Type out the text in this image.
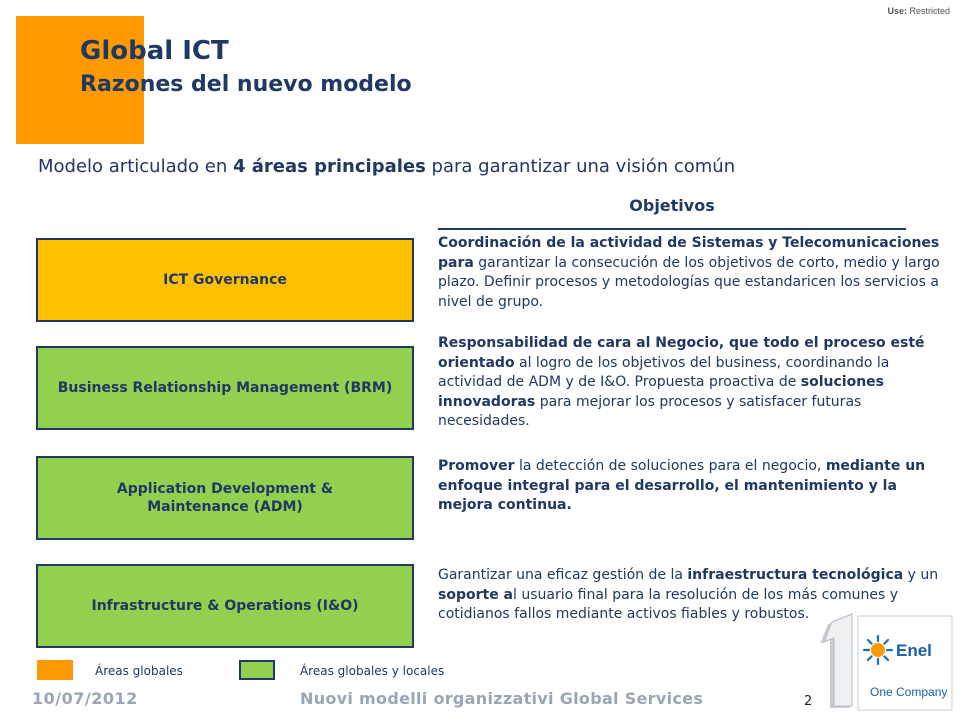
Use: Restricted
Global ICT
Razones del nuevo modelo
Modelo articulado en 4 áreas principales para garantizar una visión común
Objetivos
ICT Governance
Business Relationship Management (BRM)
Application Development & Maintenance (ADM)
Infrastructure & Operations (I&O)
Coordinación de la actividad de Sistemas y Telecomunicaciones para garantizar la consecución de los objetivos de corto, medio y largo plazo. Definir procesos y metodologías que estandaricen los servicios a nivel de grupo.
Responsabilidad de cara al Negocio, que todo el proceso esté orientado al logro de los objetivos del business, coordinando la actividad de ADM y de I&O. Propuesta proactiva de soluciones innovadoras para mejorar los procesos y satisfacer futuras necesidades.
Promover la detección de soluciones para el negocio, mediante un enfoque integral para el desarrollo, el mantenimiento y la mejora continua.
Garantizar una eficaz gestión de la infraestructura tecnológica y un soporte al usuario final para la resolución de los más comunes y cotidianos fallos mediante activos fiables y robustos.
Áreas globales	Áreas globales y locales
10/07/2012	Nuovi modelli organizzativi Global Services	2
Enel
One Company
